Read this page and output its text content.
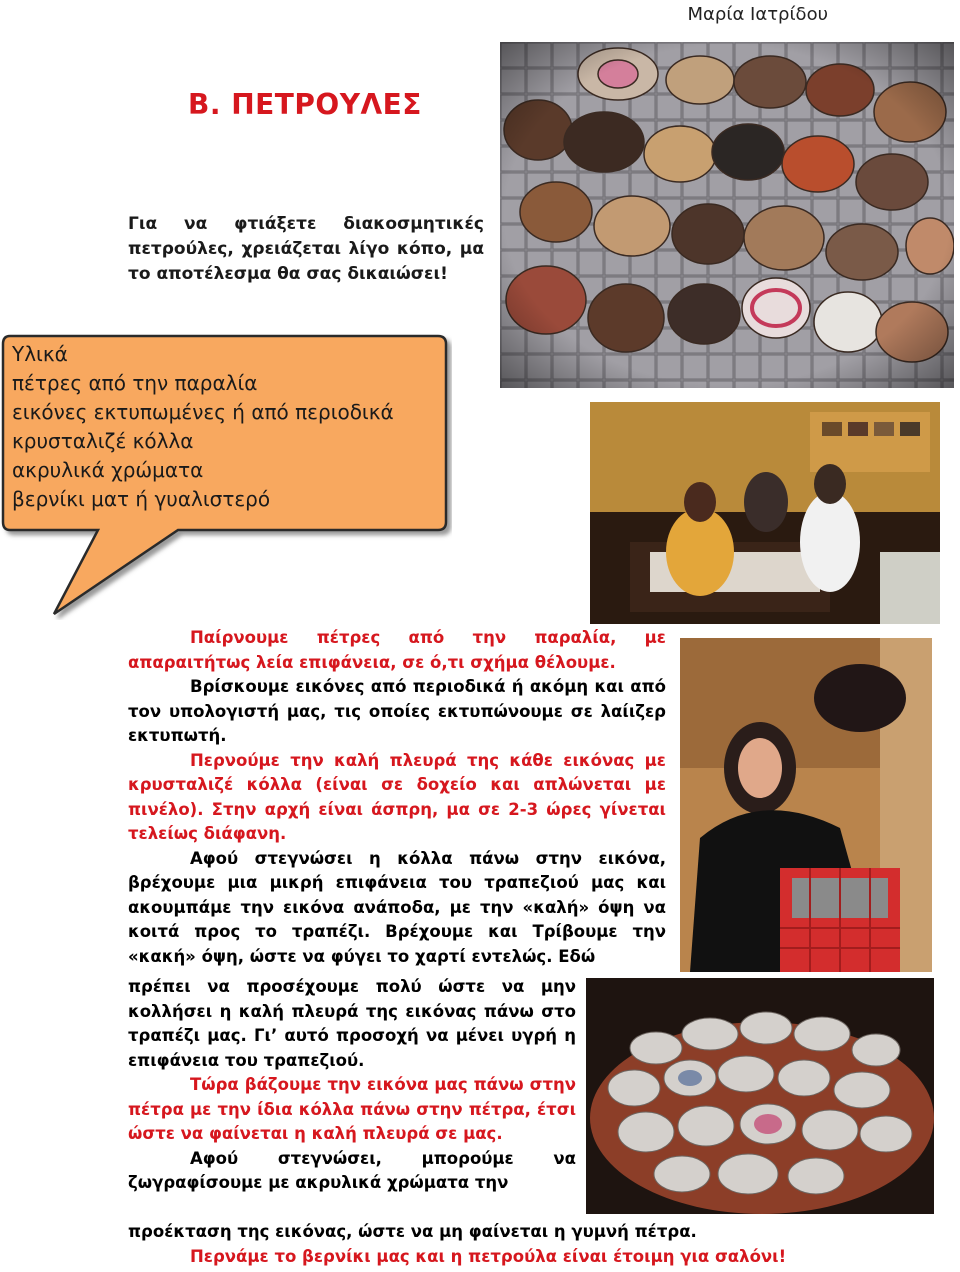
Μαρία Ιατρίδου
Β. ΠΕΤΡΟΥΛΕΣ
Για να φτιάξετε διακοσμητικές πετρούλες, χρειάζεται λίγο κόπο, μα το αποτέλεσμα θα σας δικαιώσει!
Υλικά
πέτρες από την παραλία
εικόνες εκτυπωμένες ή από περιοδικά
κρυσταλιζέ κόλλα
ακρυλικά χρώματα
βερνίκι ματ ή γυαλιστερό

Παίρνουμε πέτρες από την παραλία, με απαραιτήτως λεία επιφάνεια, σε ό,τι σχήμα θέλουμε.

Βρίσκουμε εικόνες από περιοδικά ή ακόμη και από τον υπολογιστή μας, τις οποίες εκτυπώνουμε σε λαίιζερ εκτυπωτή.

Περνούμε την καλή πλευρά της κάθε εικόνας με κρυσταλιζέ κόλλα (είναι σε δοχείο και απλώνεται με πινέλο). Στην αρχή είναι άσπρη, μα σε 2-3 ώρες γίνεται τελείως διάφανη.

Αφού στεγνώσει η κόλλα πάνω στην εικόνα, βρέχουμε μια μικρή επιφάνεια του τραπεζιού μας και ακουμπάμε την εικόνα ανάποδα, με την «καλή» όψη να κοιτά προς το τραπέζι. Βρέχουμε και Τρίβουμε την «κακή» όψη, ώστε να φύγει το χαρτί εντελώς. Εδώ

πρέπει να προσέχουμε πολύ ώστε να μην κολλήσει η καλή πλευρά της εικόνας πάνω στο τραπέζι μας. Γι’ αυτό προσοχή να μένει υγρή η επιφάνεια του τραπεζιού.

Τώρα βάζουμε την εικόνα μας πάνω στην πέτρα με την ίδια κόλλα πάνω στην πέτρα, έτσι ώστε να φαίνεται η καλή πλευρά σε μας.

Αφού στεγνώσει, μπορούμε να ζωγραφίσουμε με ακρυλικά χρώματα την

προέκταση της εικόνας, ώστε να μη φαίνεται η γυμνή πέτρα.

Περνάμε το βερνίκι μας και η πετρούλα είναι έτοιμη για σαλόνι!
